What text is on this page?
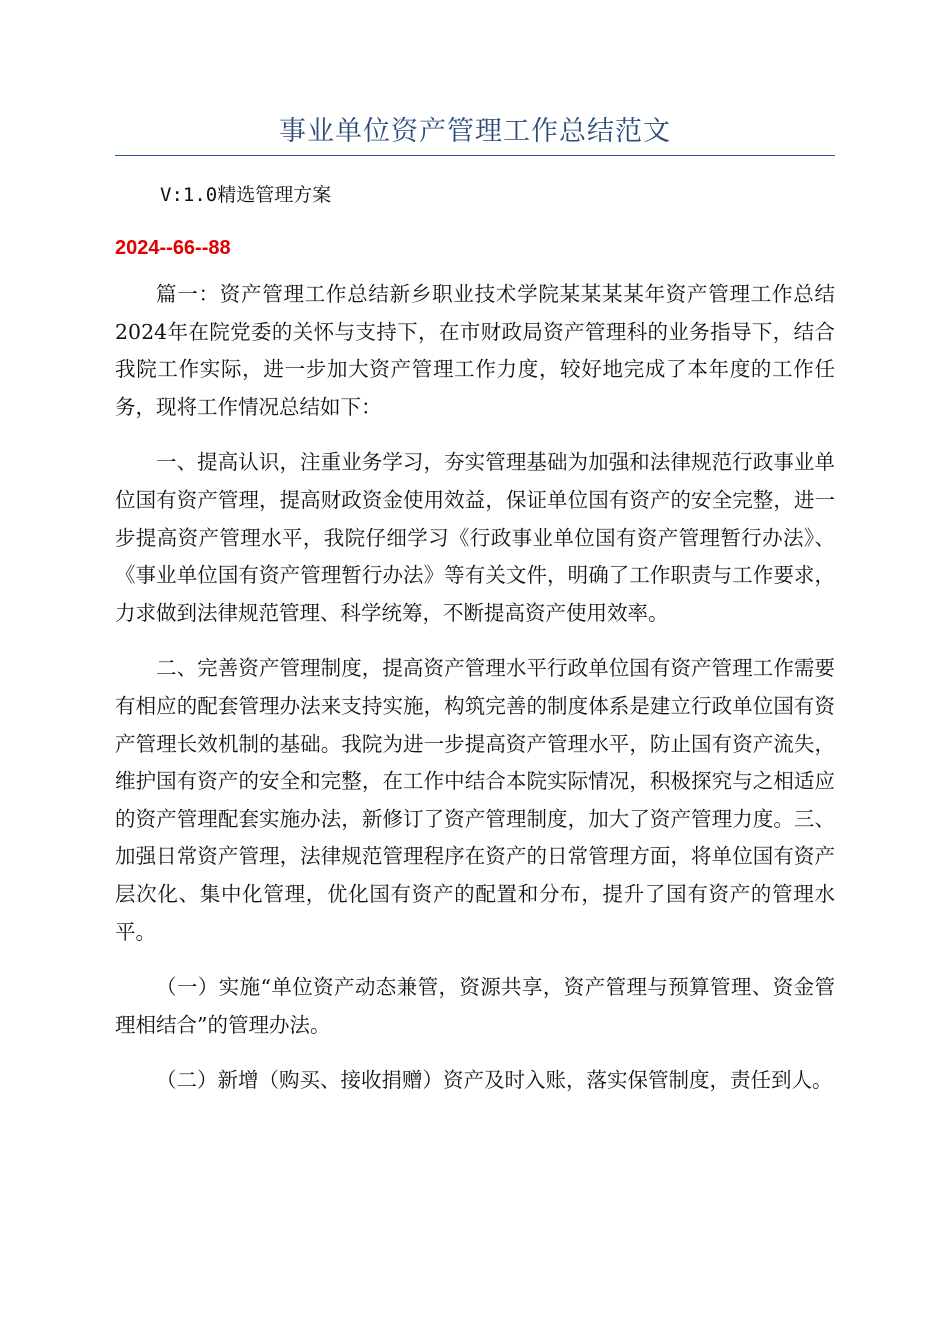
事业单位资产管理工作总结范文
V:1.0精选管理方案
2024--66--88

篇一：资产管理工作总结新乡职业技术学院某某某某年资产管理工作总结2024年在院党委的关怀与支持下，在市财政局资产管理科的业务指导下，结合我院工作实际，进一步加大资产管理工作力度，较好地完成了本年度的工作任务，现将工作情况总结如下：

一、提高认识，注重业务学习，夯实管理基础为加强和法律规范行政事业单位国有资产管理，提高财政资金使用效益，保证单位国有资产的安全完整，进一步提高资产管理水平，我院仔细学习《行政事业单位国有资产管理暂行办法》、《事业单位国有资产管理暂行办法》等有关文件，明确了工作职责与工作要求，力求做到法律规范管理、科学统筹，不断提高资产使用效率。

二、完善资产管理制度，提高资产管理水平行政单位国有资产管理工作需要有相应的配套管理办法来支持实施，构筑完善的制度体系是建立行政单位国有资产管理长效机制的基础。我院为进一步提高资产管理水平，防止国有资产流失，维护国有资产的安全和完整，在工作中结合本院实际情况，积极探究与之相适应的资产管理配套实施办法，新修订了资产管理制度，加大了资产管理力度。三、加强日常资产管理，法律规范管理程序在资产的日常管理方面，将单位国有资产层次化、集中化管理，优化国有资产的配置和分布，提升了国有资产的管理水平。

（一）实施“单位资产动态兼管，资源共享，资产管理与预算管理、资金管理相结合”的管理办法。

（二）新增（购买、接收捐赠）资产及时入账，落实保管制度，责任到人。
